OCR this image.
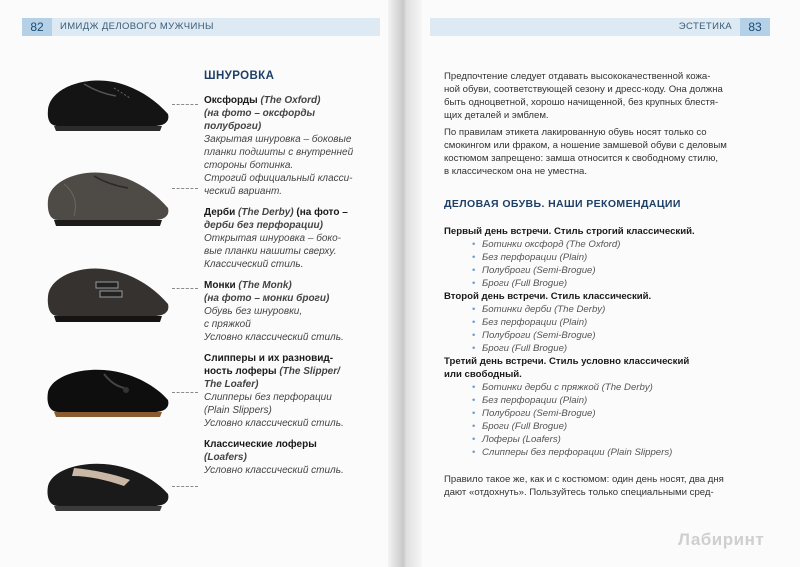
82	ИМИДЖ ДЕЛОВОГО МУЖЧИНЫ	83
ЭСТЕТИКА
ШНУРОВКА
Оксфорды (The Oxford)
(на фото – оксфорды
полуброги)
Закрытая шнуровка – боковые
планки подшиты с внутренней
стороны ботинка.
Строгий официальный класси-
ческий вариант.
Дерби (The Derby) (на фото –
дерби без перфорации)
Открытая шнуровка – боко-
вые планки нашиты сверху.
Классический стиль.
Монки (The Monk)
(на фото – монки броги)
Обувь без шнуровки,
с пряжкой
Условно классический стиль.
Слипперы и их разновид-
ность лоферы (The Slipper/
The Loafer)
Слипперы без перфорации
(Plain Slippers)
Условно классический стиль.
Классические лоферы
(Loafers)
Условно классический стиль.
Предпочтение следует отдавать высококачественной кожа-
ной обуви, соответствующей сезону и дресс-коду. Она должна
быть одноцветной, хорошо начищенной, без крупных блестя-
щих деталей и эмблем.
По правилам этикета лакированную обувь носят только со
смокингом или фраком, а ношение замшевой обуви с деловым
костюмом запрещено: замша относится к свободному стилю,
в классическом она не уместна.
ДЕЛОВАЯ ОБУВЬ. НАШИ РЕКОМЕНДАЦИИ
Первый день встречи. Стиль строгий классический.
• Ботинки оксфорд (The Oxford)
• Без перфорации (Plain)
• Полуброги (Semi-Brogue)
• Броги (Full Brogue)
Второй день встречи. Стиль классический.
• Ботинки дерби (The Derby)
• Без перфорации (Plain)
• Полуброги (Semi-Brogue)
• Броги (Full Brogue)
Третий день встречи. Стиль условно классический
или свободный.
• Ботинки дерби с пряжкой (The Derby)
• Без перфорации (Plain)
• Полуброги (Semi-Brogue)
• Броги (Full Brogue)
• Лоферы (Loafers)
• Слипперы без перфорации (Plain Slippers)
Правило такое же, как и с костюмом: один день носят, два дня
дают «отдохнуть». Пользуйтесь только специальными сред-
Лабиринт
